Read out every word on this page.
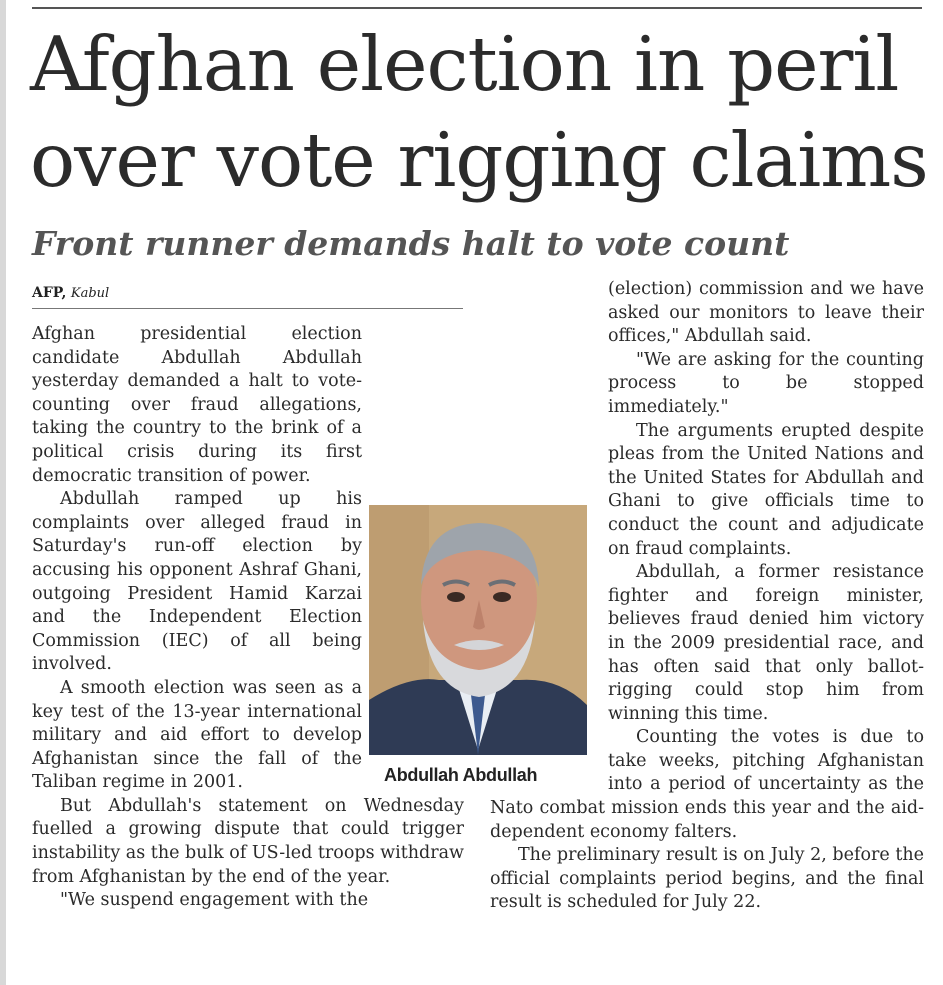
Afghan election in peril over vote rigging claims
Front runner demands halt to vote count
AFP, Kabul

Afghan presidential election candidate Abdullah Abdullah yesterday demanded a halt to vote-counting over fraud allegations, taking the country to the brink of a political crisis during its first democratic transition of power.

Abdullah ramped up his complaints over alleged fraud in Saturday's run-off election by accusing his opponent Ashraf Ghani, outgoing President Hamid Karzai and the Independent Election Commission (IEC) of all being involved.

A smooth election was seen as a key test of the 13-year international military and aid effort to develop Afghanistan since the fall of the Taliban regime in 2001.

But Abdullah's statement on Wednesday fuelled a growing dispute that could trigger instability as the bulk of US-led troops withdraw from Afghanistan by the end of the year.

"We suspend engagement with the

(election) commission and we have asked our monitors to leave their offices," Abdullah said.

"We are asking for the counting process to be stopped immediately."

The arguments erupted despite pleas from the United Nations and the United States for Abdullah and Ghani to give officials time to conduct the count and adjudicate on fraud complaints.

Abdullah, a former resistance fighter and foreign minister, believes fraud denied him victory in the 2009 presidential race, and has often said that only ballot-rigging could stop him from winning this time.

Counting the votes is due to take weeks, pitching Afghanistan into a period of uncertainty as the Nato combat mission ends this year and the aid-dependent economy falters.

The preliminary result is on July 2, before the official complaints period begins, and the final result is scheduled for July 22.

Abdullah Abdullah
